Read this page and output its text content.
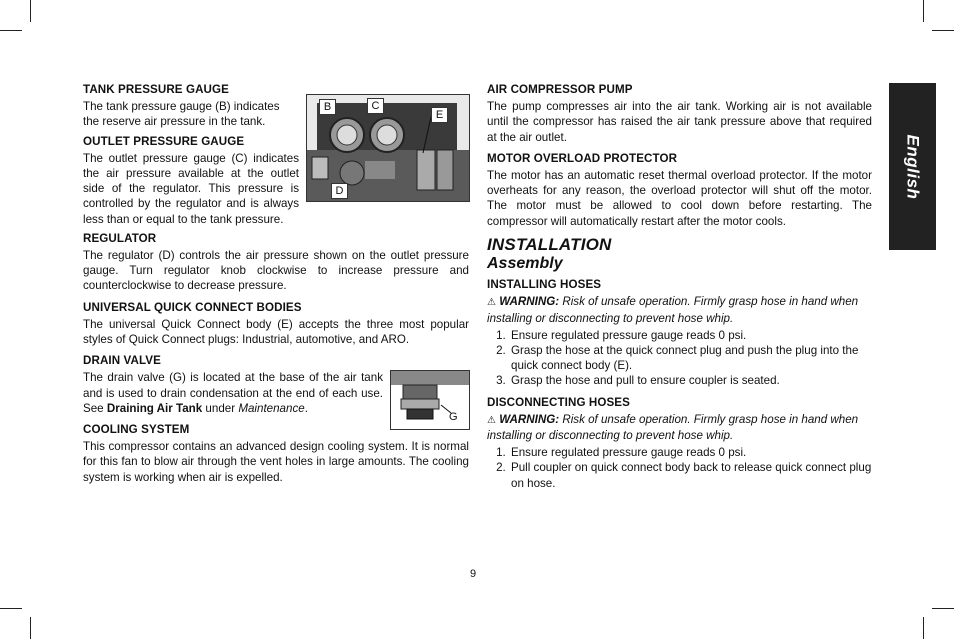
English
B	C
E
D
G
TANK PRESSURE GAUGE
The tank pressure gauge (B) indicates the reserve air pressure in the tank.
OUTLET PRESSURE GAUGE
The outlet pressure gauge (C) indicates the air pressure available at the outlet side of the regulator. This pressure is controlled by the regulator and is always less than or equal to the tank pressure.
REGULATOR
The regulator (D) controls the air pressure shown on the outlet pressure gauge. Turn regulator knob clockwise to increase pressure and counterclockwise to decrease pressure.
UNIVERSAL QUICK CONNECT BODIES
The universal Quick Connect body (E) accepts the three most popular styles of Quick Connect plugs: Industrial, automotive, and ARO.
DRAIN VALVE
The drain valve (G) is located at the base of the air tank and is used to drain condensation at the end of each use. See Draining Air Tank under Maintenance.
COOLING SYSTEM
This compressor contains an advanced design cooling system. It is normal for this fan to blow air through the vent holes in large amounts. The cooling system is working when air is expelled.
AIR COMPRESSOR PUMP
The pump compresses air into the air tank. Working air is not available until the compressor has raised the air tank pressure above that required at the air outlet.
MOTOR OVERLOAD PROTECTOR
The motor has an automatic reset thermal overload protector. If the motor overheats for any reason, the overload protector will shut off the motor. The motor must be allowed to cool down before restarting. The compressor will automatically restart after the motor cools.
INSTALLATION
Assembly
INSTALLING HOSES
⚠ WARNING: Risk of unsafe operation. Firmly grasp hose in hand when installing or disconnecting to prevent hose whip.
1. Ensure regulated pressure gauge reads 0 psi.
2. Grasp the hose at the quick connect plug and push the plug into the quick connect body (E).
3. Grasp the hose and pull to ensure coupler is seated.
DISCONNECTING HOSES
⚠ WARNING: Risk of unsafe operation. Firmly grasp hose in hand when installing or disconnecting to prevent hose whip.
1. Ensure regulated pressure gauge reads 0 psi.
2. Pull coupler on quick connect body back to release quick connect plug on hose.
9
